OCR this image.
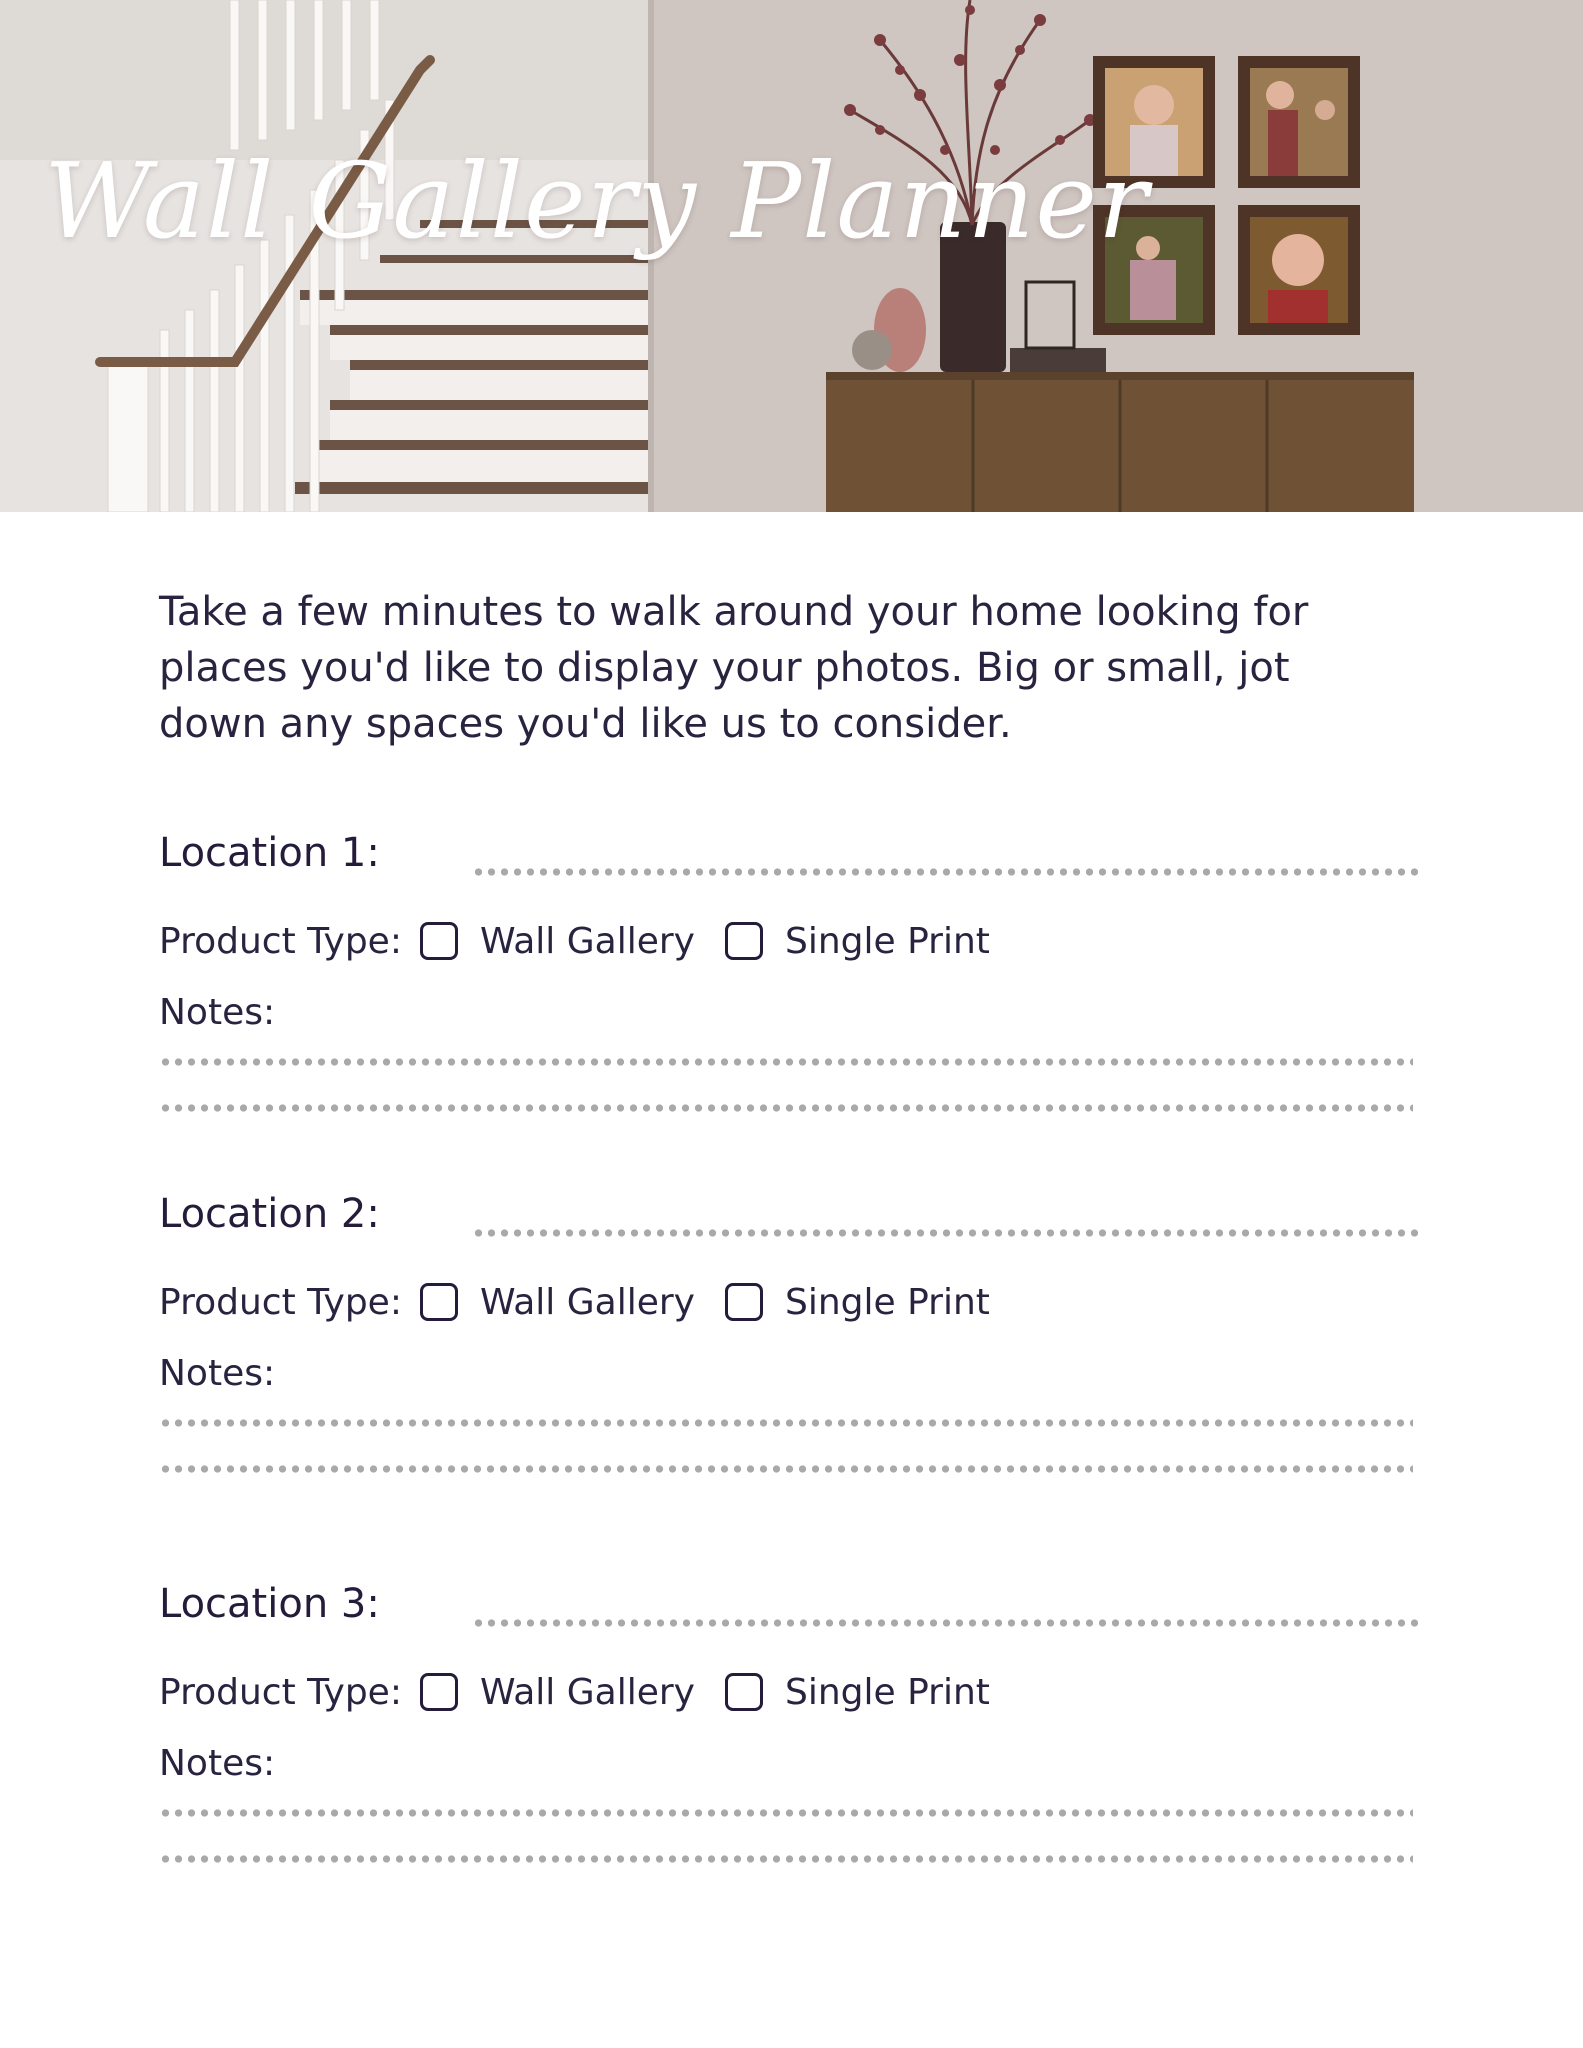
Wall Gallery Planner

Take a few minutes to walk around your home looking for places you'd like to display your photos. Big or small, jot down any spaces you'd like us to consider.

Location 1:
Product Type: Wall Gallery	Single Print
Notes:
Location 2:
Product Type: Wall Gallery	Single Print
Notes:
Location 3:
Product Type: Wall Gallery	Single Print
Notes:
